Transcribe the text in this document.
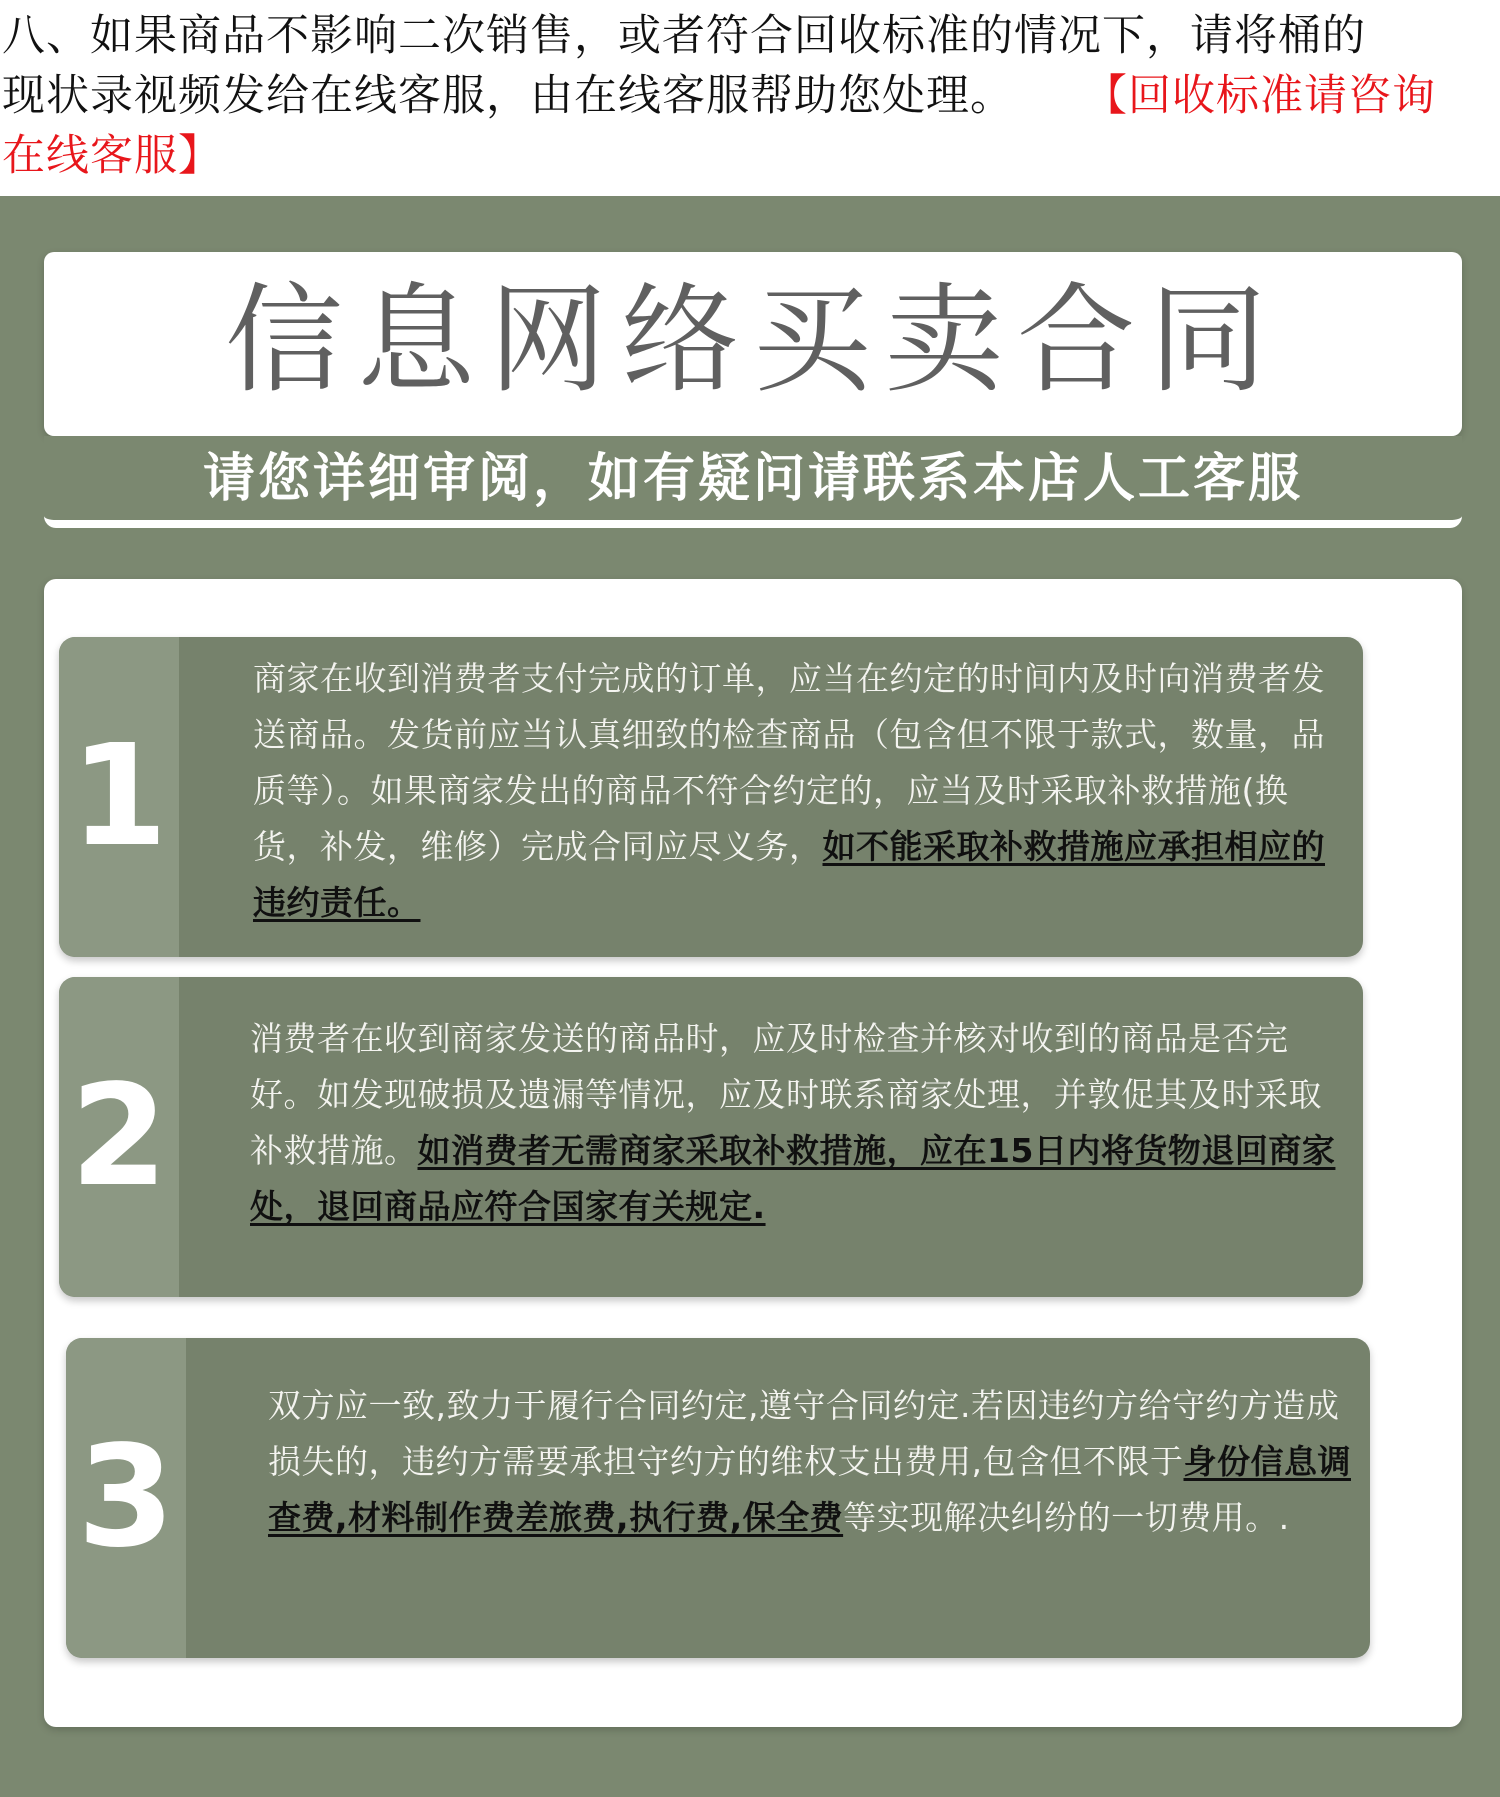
八、如果商品不影响二次销售，或者符合回收标准的情况下，请将桶的
现状录视频发给在线客服，由在线客服帮助您处理。 【回收标准请咨询
在线客服】
信息网络买卖合同
请您详细审阅，如有疑问请联系本店人工客服
1
商家在收到消费者支付完成的订单，应当在约定的时间内及时向消费者发送商品。发货前应当认真细致的检查商品（包含但不限于款式，数量，品质等）。如果商家发出的商品不符合约定的，应当及时采取补救措施(换货，补发，维修）完成合同应尽义务，如不能采取补救措施应承担相应的违约责任。
2
消费者在收到商家发送的商品时，应及时检查并核对收到的商品是否完好。如发现破损及遗漏等情况，应及时联系商家处理，并敦促其及时采取补救措施。如消费者无需商家采取补救措施，应在15日内将货物退回商家处，退回商品应符合国家有关规定.
3
双方应一致,致力于履行合同约定,遵守合同约定.若因违约方给守约方造成损失的，违约方需要承担守约方的维权支出费用,包含但不限于身份信息调查费,材料制作费差旅费,执行费,保全费等实现解决纠纷的一切费用。.
